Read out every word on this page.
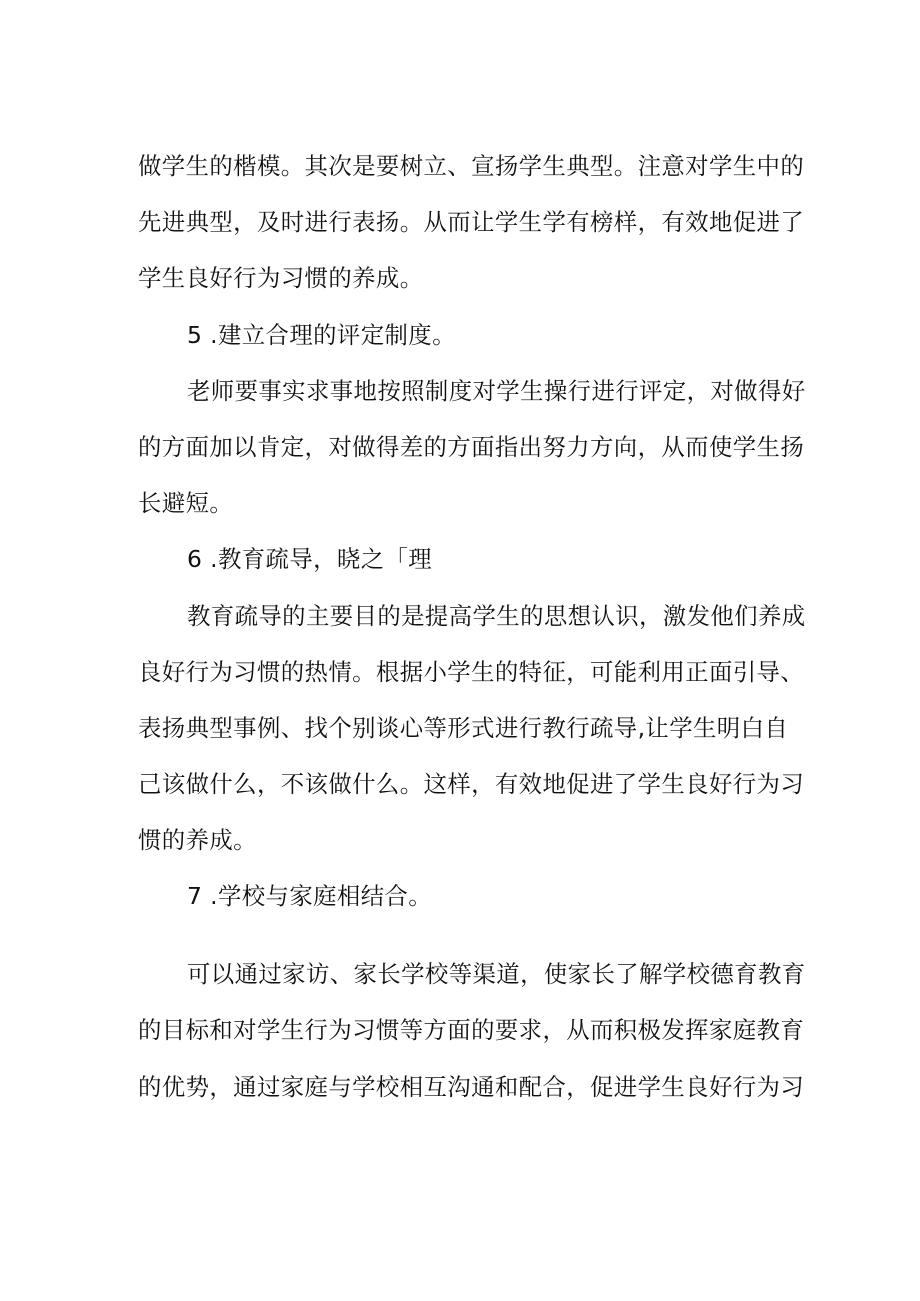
做学生的楷模。其次是要树立、宣扬学生典型。注意对学生中的
先进典型，及时进行表扬。从而让学生学有榜样，有效地促进了
学生良好行为习惯的养成。
5 .建立合理的评定制度。
老师要事实求事地按照制度对学生操行进行评定，对做得好
的方面加以肯定，对做得差的方面指出努力方向，从而使学生扬
长避短。
6 .教育疏导，晓之「理
教育疏导的主要目的是提高学生的思想认识，激发他们养成
良好行为习惯的热情。根据小学生的特征，可能利用正面引导、
表扬典型事例、找个别谈心等形式进行教行疏导,让学生明白自
己该做什么，不该做什么。这样，有效地促进了学生良好行为习
惯的养成。
7 .学校与家庭相结合。
可以通过家访、家长学校等渠道，使家长了解学校德育教育
的目标和对学生行为习惯等方面的要求，从而积极发挥家庭教育
的优势，通过家庭与学校相互沟通和配合，促进学生良好行为习
